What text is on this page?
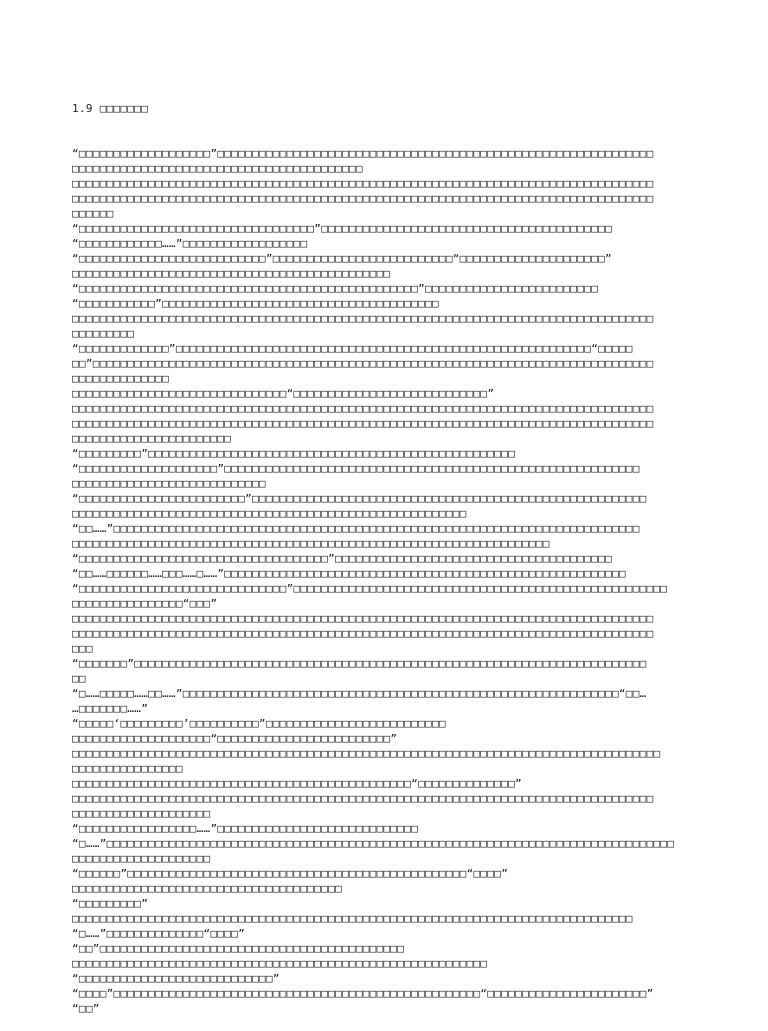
1.9 □□□□□□□

“□□□□□□□□□□□□□□□□□□□”□□□□□□□□□□□□□□□□□□□□□□□□□□□□□□□□□□□□□□□□□□□□□□□□□□□□□□□□□□□□□□□
□□□□□□□□□□□□□□□□□□□□□□□□□□□□□□□□□□□□□□□□□□
□□□□□□□□□□□□□□□□□□□□□□□□□□□□□□□□□□□□□□□□□□□□□□□□□□□□□□□□□□□□□□□□□□□□□□□□□□□□□□□□□□□□
□□□□□□□□□□□□□□□□□□□□□□□□□□□□□□□□□□□□□□□□□□□□□□□□□□□□□□□□□□□□□□□□□□□□□□□□□□□□□□□□□□□□
□□□□□□
“□□□□□□□□□□□□□□□□□□□□□□□□□□□□□□□□□□”□□□□□□□□□□□□□□□□□□□□□□□□□□□□□□□□□□□□□□□□□□
“□□□□□□□□□□□□……”□□□□□□□□□□□□□□□□□□
“□□□□□□□□□□□□□□□□□□□□□□□□□□□”□□□□□□□□□□□□□□□□□□□□□□□□□□“□□□□□□□□□□□□□□□□□□□□□”
□□□□□□□□□□□□□□□□□□□□□□□□□□□□□□□□□□□□□□□□□□□□□□
“□□□□□□□□□□□□□□□□□□□□□□□□□□□□□□□□□□□□□□□□□□□□□□□□□”□□□□□□□□□□□□□□□□□□□□□□□□□
“□□□□□□□□□□□”□□□□□□□□□□□□□□□□□□□□□□□□□□□□□□□□□□□□□□□□
□□□□□□□□□□□□□□□□□□□□□□□□□□□□□□□□□□□□□□□□□□□□□□□□□□□□□□□□□□□□□□□□□□□□□□□□□□□□□□□□□□□□
□□□□□□□□□
“□□□□□□□□□□□□□”□□□□□□□□□□□□□□□□□□□□□□□□□□□□□□□□□□□□□□□□□□□□□□□□□□□□□□□□□□□□“□□□□□
□□”□□□□□□□□□□□□□□□□□□□□□□□□□□□□□□□□□□□□□□□□□□□□□□□□□□□□□□□□□□□□□□□□□□□□□□□□□□□□□□□□□
□□□□□□□□□□□□□□
□□□□□□□□□□□□□□□□□□□□□□□□□□□□□□□“□□□□□□□□□□□□□□□□□□□□□□□□□□□□”
□□□□□□□□□□□□□□□□□□□□□□□□□□□□□□□□□□□□□□□□□□□□□□□□□□□□□□□□□□□□□□□□□□□□□□□□□□□□□□□□□□□□
□□□□□□□□□□□□□□□□□□□□□□□□□□□□□□□□□□□□□□□□□□□□□□□□□□□□□□□□□□□□□□□□□□□□□□□□□□□□□□□□□□□□
□□□□□□□□□□□□□□□□□□□□□□□
“□□□□□□□□□”□□□□□□□□□□□□□□□□□□□□□□□□□□□□□□□□□□□□□□□□□□□□□□□□□□□□□
“□□□□□□□□□□□□□□□□□□□□”□□□□□□□□□□□□□□□□□□□□□□□□□□□□□□□□□□□□□□□□□□□□□□□□□□□□□□□□□□□□
□□□□□□□□□□□□□□□□□□□□□□□□□□□□
“□□□□□□□□□□□□□□□□□□□□□□□□”□□□□□□□□□□□□□□□□□□□□□□□□□□□□□□□□□□□□□□□□□□□□□□□□□□□□□□□□□
□□□□□□□□□□□□□□□□□□□□□□□□□□□□□□□□□□□□□□□□□□□□□□□□□□□□□□□□□
“□□……”□□□□□□□□□□□□□□□□□□□□□□□□□□□□□□□□□□□□□□□□□□□□□□□□□□□□□□□□□□□□□□□□□□□□□□□□□□□□
□□□□□□□□□□□□□□□□□□□□□□□□□□□□□□□□□□□□□□□□□□□□□□□□□□□□□□□□□□□□□□□□□□□□□
“□□□□□□□□□□□□□□□□□□□□□□□□□□□□□□□□□□□□”□□□□□□□□□□□□□□□□□□□□□□□□□□□□□□□□□□□□□□□□
“□□……□□□□□□……□□□……□……”□□□□□□□□□□□□□□□□□□□□□□□□□□□□□□□□□□□□□□□□□□□□□□□□□□□□□□□□□□
“□□□□□□□□□□□□□□□□□□□□□□□□□□□□□□”□□□□□□□□□□□□□□□□□□□□□□□□□□□□□□□□□□□□□□□□□□□□□□□□□□□□□□
□□□□□□□□□□□□□□□□“□□□”
□□□□□□□□□□□□□□□□□□□□□□□□□□□□□□□□□□□□□□□□□□□□□□□□□□□□□□□□□□□□□□□□□□□□□□□□□□□□□□□□□□□□
□□□□□□□□□□□□□□□□□□□□□□□□□□□□□□□□□□□□□□□□□□□□□□□□□□□□□□□□□□□□□□□□□□□□□□□□□□□□□□□□□□□□
□□□
“□□□□□□□”□□□□□□□□□□□□□□□□□□□□□□□□□□□□□□□□□□□□□□□□□□□□□□□□□□□□□□□□□□□□□□□□□□□□□□□□□□
□□
“□……□□□□□……□□……”□□□□□□□□□□□□□□□□□□□□□□□□□□□□□□□□□□□□□□□□□□□□□□□□□□□□□□□□□□□□□□□“□□…
…□□□□□□□……”
“□□□□□‘□□□□□□□□□’□□□□□□□□□□”□□□□□□□□□□□□□□□□□□□□□□□□□□
□□□□□□□□□□□□□□□□□□□□“□□□□□□□□□□□□□□□□□□□□□□□□□”
□□□□□□□□□□□□□□□□□□□□□□□□□□□□□□□□□□□□□□□□□□□□□□□□□□□□□□□□□□□□□□□□□□□□□□□□□□□□□□□□□□□□□
□□□□□□□□□□□□□□□□
□□□□□□□□□□□□□□□□□□□□□□□□□□□□□□□□□□□□□□□□□□□□□□□□□“□□□□□□□□□□□□□□”
□□□□□□□□□□□□□□□□□□□□□□□□□□□□□□□□□□□□□□□□□□□□□□□□□□□□□□□□□□□□□□□□□□□□□□□□□□□□□□□□□□□□
□□□□□□□□□□□□□□□□□□□□
“□□□□□□□□□□□□□□□□□……”□□□□□□□□□□□□□□□□□□□□□□□□□□□□□
“□……”□□□□□□□□□□□□□□□□□□□□□□□□□□□□□□□□□□□□□□□□□□□□□□□□□□□□□□□□□□□□□□□□□□□□□□□□□□□□□□□□□□
□□□□□□□□□□□□□□□□□□□□
“□□□□□□”□□□□□□□□□□□□□□□□□□□□□□□□□□□□□□□□□□□□□□□□□□□□□□□□□“□□□□”
□□□□□□□□□□□□□□□□□□□□□□□□□□□□□□□□□□□□□□□
“□□□□□□□□□”
□□□□□□□□□□□□□□□□□□□□□□□□□□□□□□□□□□□□□□□□□□□□□□□□□□□□□□□□□□□□□□□□□□□□□□□□□□□□□□□□□
“□……”□□□□□□□□□□□□□□“□□□□”
“□□”□□□□□□□□□□□□□□□□□□□□□□□□□□□□□□□□□□□□□□□□□□□□
□□□□□□□□□□□□□□□□□□□□□□□□□□□□□□□□□□□□□□□□□□□□□□□□□□□□□□□□□□□□
“□□□□□□□□□□□□□□□□□□□□□□□□□□□□”
“□□□□”□□□□□□□□□□□□□□□□□□□□□□□□□□□□□□□□□□□□□□□□□□□□□□□□□□□□□“□□□□□□□□□□□□□□□□□□□□□□□”
“□□”
